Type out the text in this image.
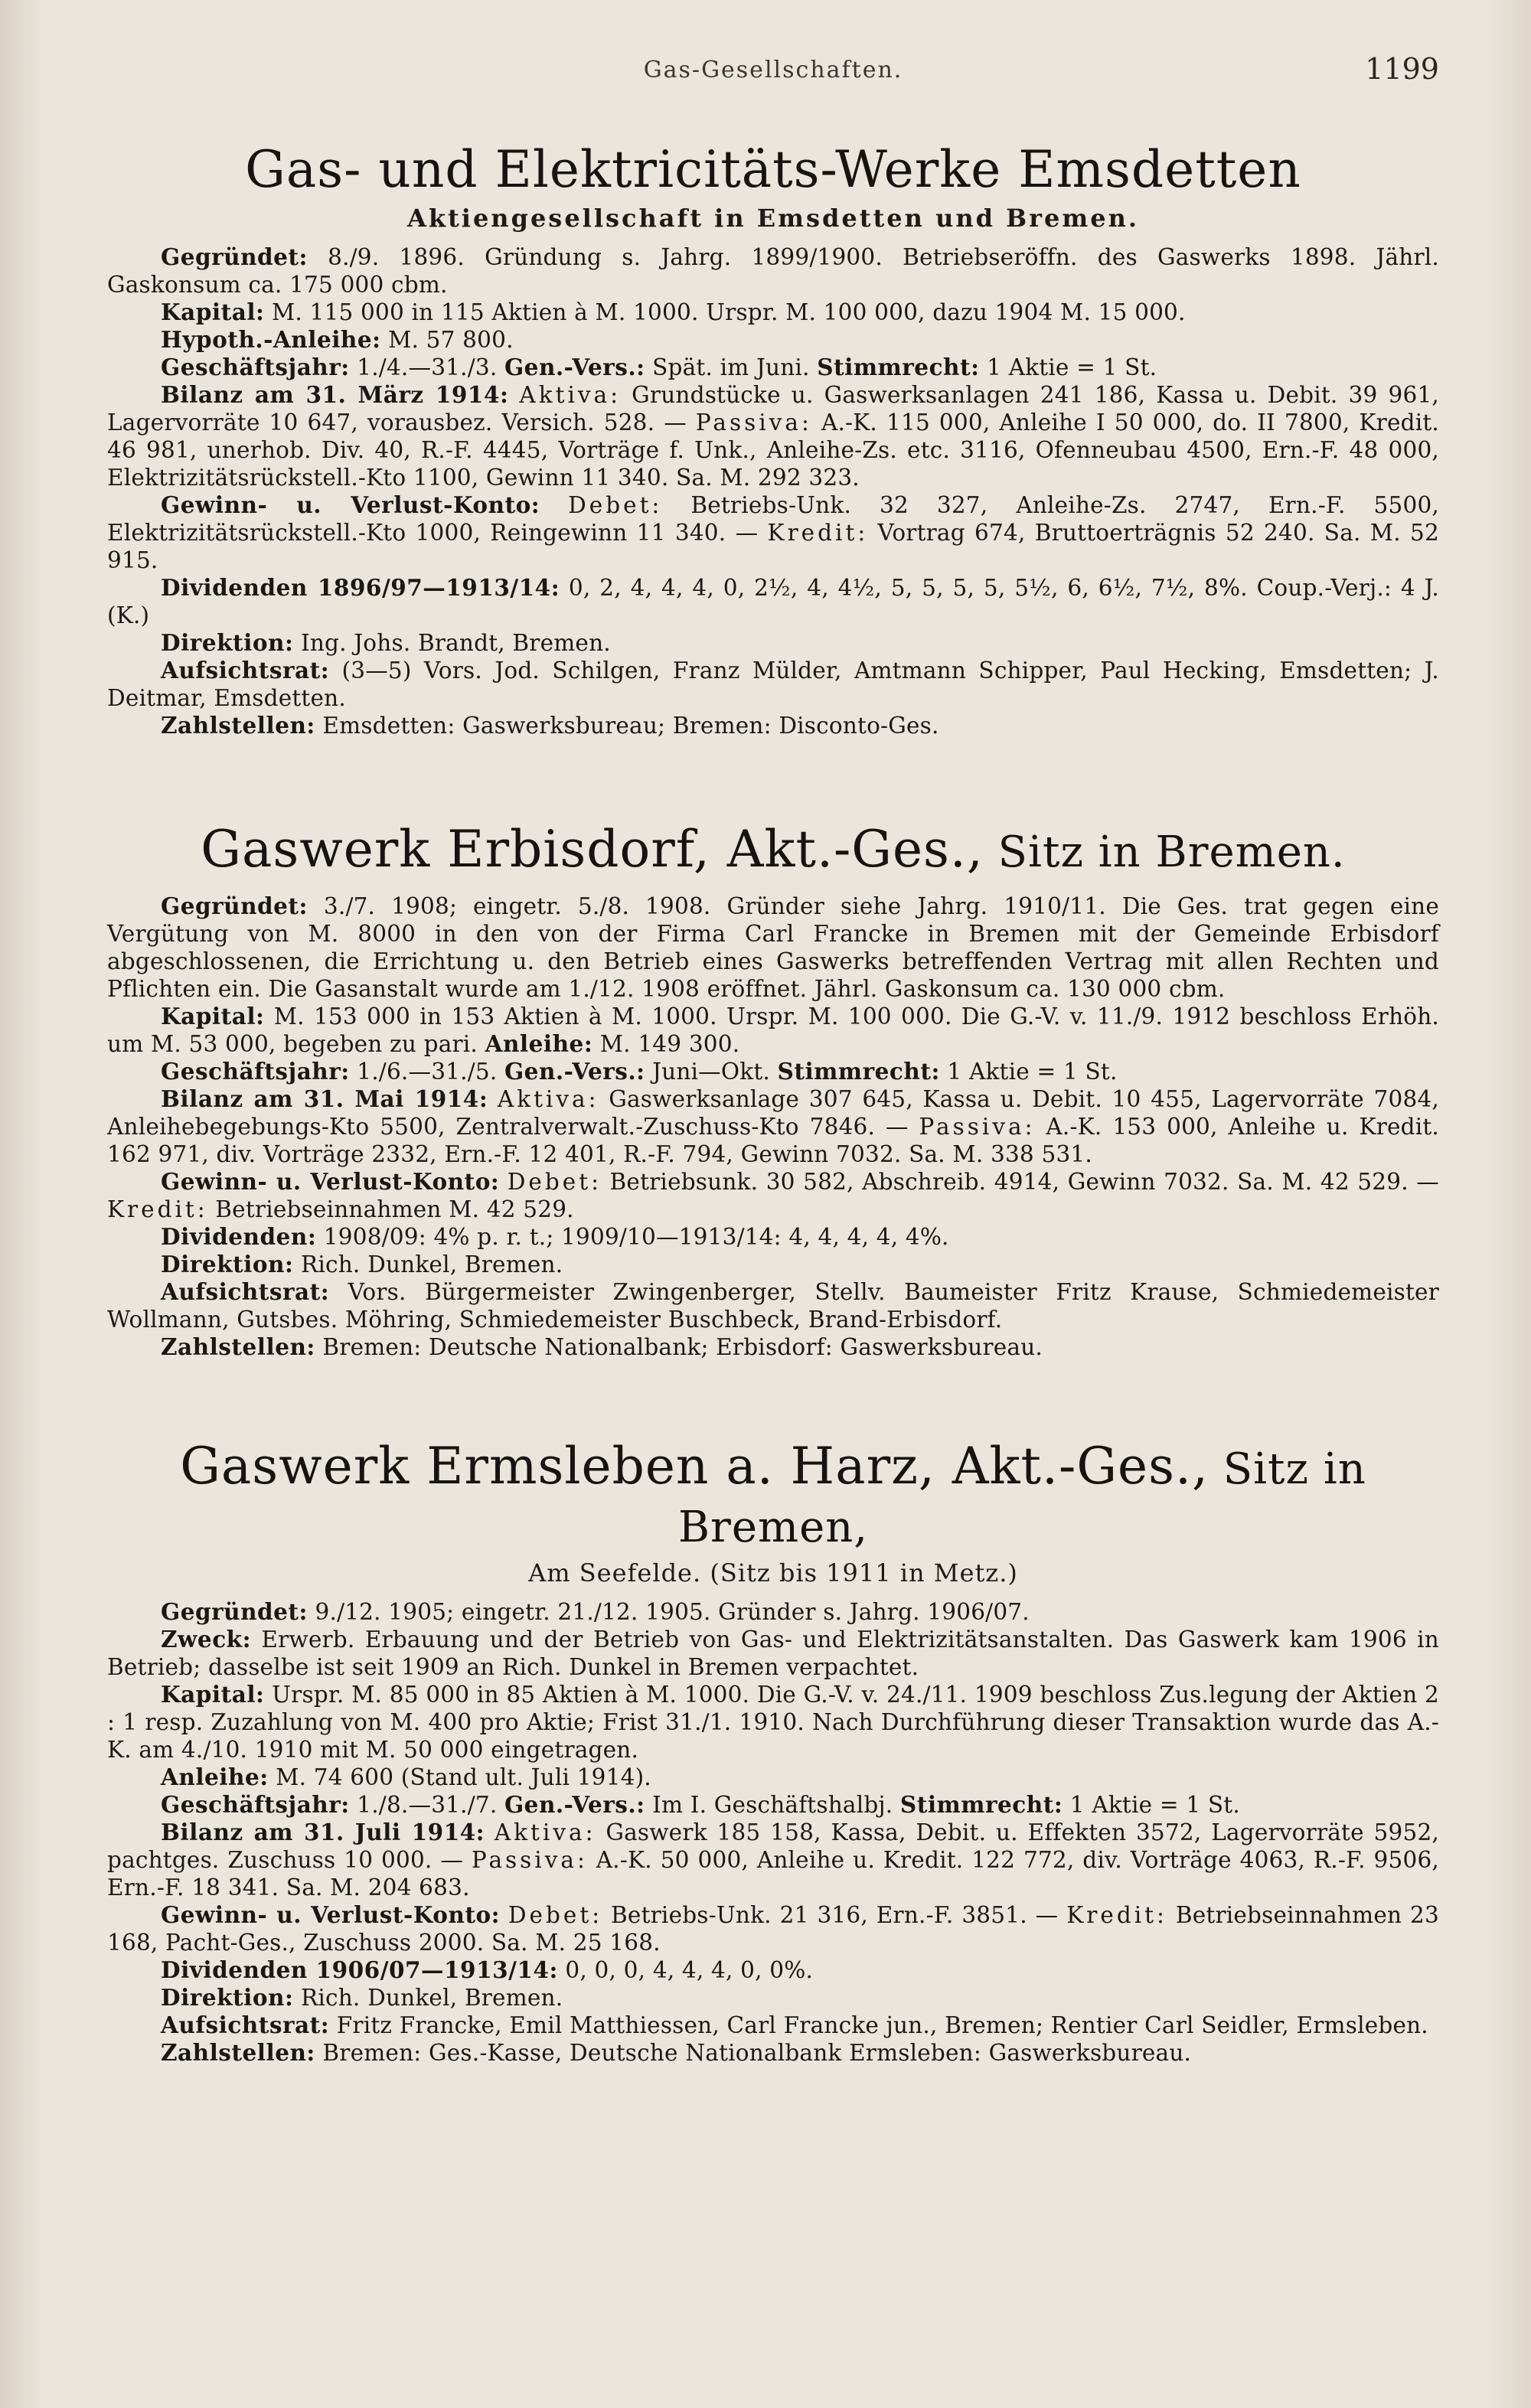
Gas-Gesellschaften.	1199
Gas- und Elektricitäts-Werke Emsdetten
Aktiengesellschaft in Emsdetten und Bremen.

Gegründet: 8./9. 1896. Gründung s. Jahrg. 1899/1900. Betriebseröffn. des Gaswerks 1898. Jährl. Gaskonsum ca. 175 000 cbm.

Kapital: M. 115 000 in 115 Aktien à M. 1000. Urspr. M. 100 000, dazu 1904 M. 15 000.

Hypoth.-Anleihe: M. 57 800.

Geschäftsjahr: 1./4.—31./3. Gen.-Vers.: Spät. im Juni. Stimmrecht: 1 Aktie = 1 St.

Bilanz am 31. März 1914: Aktiva: Grundstücke u. Gaswerksanlagen 241 186, Kassa u. Debit. 39 961, Lagervorräte 10 647, vorausbez. Versich. 528. — Passiva: A.-K. 115 000, Anleihe I 50 000, do. II 7800, Kredit. 46 981, unerhob. Div. 40, R.-F. 4445, Vorträge f. Unk., Anleihe-Zs. etc. 3116, Ofenneubau 4500, Ern.-F. 48 000, Elektrizitätsrückstell.-Kto 1100, Gewinn 11 340. Sa. M. 292 323.

Gewinn- u. Verlust-Konto: Debet: Betriebs-Unk. 32 327, Anleihe-Zs. 2747, Ern.-F. 5500, Elektrizitätsrückstell.-Kto 1000, Reingewinn 11 340. — Kredit: Vortrag 674, Bruttoerträgnis 52 240. Sa. M. 52 915.

Dividenden 1896/97—1913/14: 0, 2, 4, 4, 4, 0, 2½, 4, 4½, 5, 5, 5, 5, 5½, 6, 6½, 7½, 8%. Coup.-Verj.: 4 J. (K.)

Direktion: Ing. Johs. Brandt, Bremen.

Aufsichtsrat: (3—5) Vors. Jod. Schilgen, Franz Mülder, Amtmann Schipper, Paul Hecking, Emsdetten; J. Deitmar, Emsdetten.

Zahlstellen: Emsdetten: Gaswerksbureau; Bremen: Disconto-Ges.

Gaswerk Erbisdorf, Akt.-Ges., Sitz in Bremen.

Gegründet: 3./7. 1908; eingetr. 5./8. 1908. Gründer siehe Jahrg. 1910/11. Die Ges. trat gegen eine Vergütung von M. 8000 in den von der Firma Carl Francke in Bremen mit der Gemeinde Erbisdorf abgeschlossenen, die Errichtung u. den Betrieb eines Gaswerks betreffenden Vertrag mit allen Rechten und Pflichten ein. Die Gasanstalt wurde am 1./12. 1908 eröffnet. Jährl. Gaskonsum ca. 130 000 cbm.

Kapital: M. 153 000 in 153 Aktien à M. 1000. Urspr. M. 100 000. Die G.-V. v. 11./9. 1912 beschloss Erhöh. um M. 53 000, begeben zu pari. Anleihe: M. 149 300.

Geschäftsjahr: 1./6.—31./5. Gen.-Vers.: Juni—Okt. Stimmrecht: 1 Aktie = 1 St.

Bilanz am 31. Mai 1914: Aktiva: Gaswerksanlage 307 645, Kassa u. Debit. 10 455, Lagervorräte 7084, Anleihebegebungs-Kto 5500, Zentralverwalt.-Zuschuss-Kto 7846. — Passiva: A.-K. 153 000, Anleihe u. Kredit. 162 971, div. Vorträge 2332, Ern.-F. 12 401, R.-F. 794, Gewinn 7032. Sa. M. 338 531.

Gewinn- u. Verlust-Konto: Debet: Betriebsunk. 30 582, Abschreib. 4914, Gewinn 7032. Sa. M. 42 529. — Kredit: Betriebseinnahmen M. 42 529.

Dividenden: 1908/09: 4% p. r. t.; 1909/10—1913/14: 4, 4, 4, 4, 4%.

Direktion: Rich. Dunkel, Bremen.

Aufsichtsrat: Vors. Bürgermeister Zwingenberger, Stellv. Baumeister Fritz Krause, Schmiedemeister Wollmann, Gutsbes. Möhring, Schmiedemeister Buschbeck, Brand-Erbisdorf.

Zahlstellen: Bremen: Deutsche Nationalbank; Erbisdorf: Gaswerksbureau.

Gaswerk Ermsleben a. Harz, Akt.-Ges., Sitz in Bremen,
Am Seefelde. (Sitz bis 1911 in Metz.)

Gegründet: 9./12. 1905; eingetr. 21./12. 1905. Gründer s. Jahrg. 1906/07.

Zweck: Erwerb. Erbauung und der Betrieb von Gas- und Elektrizitätsanstalten. Das Gaswerk kam 1906 in Betrieb; dasselbe ist seit 1909 an Rich. Dunkel in Bremen verpachtet.

Kapital: Urspr. M. 85 000 in 85 Aktien à M. 1000. Die G.-V. v. 24./11. 1909 beschloss Zus.legung der Aktien 2 : 1 resp. Zuzahlung von M. 400 pro Aktie; Frist 31./1. 1910. Nach Durchführung dieser Transaktion wurde das A.-K. am 4./10. 1910 mit M. 50 000 eingetragen.

Anleihe: M. 74 600 (Stand ult. Juli 1914).

Geschäftsjahr: 1./8.—31./7. Gen.-Vers.: Im I. Geschäftshalbj. Stimmrecht: 1 Aktie = 1 St.

Bilanz am 31. Juli 1914: Aktiva: Gaswerk 185 158, Kassa, Debit. u. Effekten 3572, Lagervorräte 5952, pachtges. Zuschuss 10 000. — Passiva: A.-K. 50 000, Anleihe u. Kredit. 122 772, div. Vorträge 4063, R.-F. 9506, Ern.-F. 18 341. Sa. M. 204 683.

Gewinn- u. Verlust-Konto: Debet: Betriebs-Unk. 21 316, Ern.-F. 3851. — Kredit: Betriebseinnahmen 23 168, Pacht-Ges., Zuschuss 2000. Sa. M. 25 168.

Dividenden 1906/07—1913/14: 0, 0, 0, 4, 4, 4, 0, 0%.

Direktion: Rich. Dunkel, Bremen.

Aufsichtsrat: Fritz Francke, Emil Matthiessen, Carl Francke jun., Bremen; Rentier Carl Seidler, Ermsleben.

Zahlstellen: Bremen: Ges.-Kasse, Deutsche Nationalbank Ermsleben: Gaswerksbureau.
